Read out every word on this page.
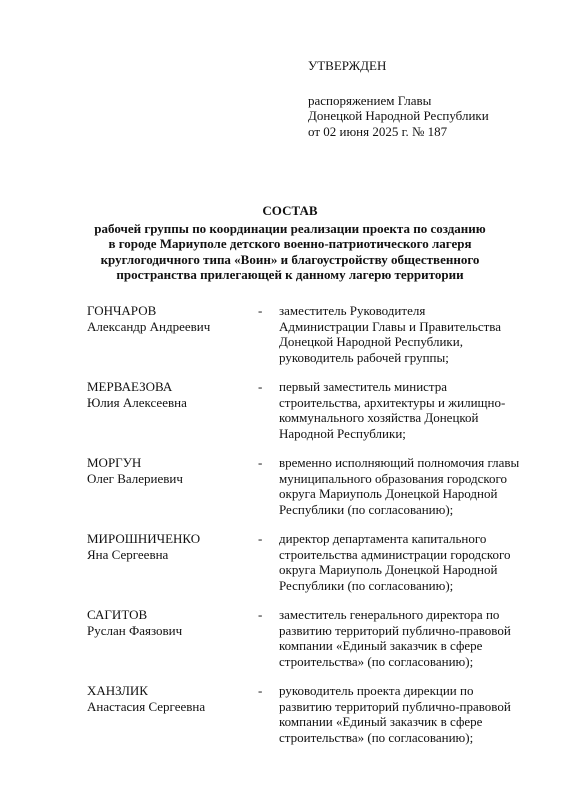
УТВЕРЖДЕН
распоряжением Главы
Донецкой Народной Республики
от 02 июня 2025 г. № 187
СОСТАВ
рабочей группы по координации реализации проекта по созданию
в городе Мариуполе детского военно-патриотического лагеря
круглогодичного типа «Воин» и благоустройству общественного
пространства прилегающей к данному лагерю территории
ГОНЧАРОВ
Александр Андреевич
- заместитель Руководителя
Администрации Главы и Правительства
Донецкой Народной Республики,
руководитель рабочей группы;
МЕРВАЕЗОВА
Юлия Алексеевна
- первый заместитель министра
строительства, архитектуры и жилищно-
коммунального хозяйства Донецкой
Народной Республики;
МОРГУН
Олег Валериевич
- временно исполняющий полномочия главы
муниципального образования городского
округа Мариуполь Донецкой Народной
Республики (по согласованию);
МИРОШНИЧЕНКО
Яна Сергеевна
- директор департамента капитального
строительства администрации городского
округа Мариуполь Донецкой Народной
Республики (по согласованию);
САГИТОВ
Руслан Фаязович
- заместитель генерального директора по
развитию территорий публично-правовой
компании «Единый заказчик в сфере
строительства» (по согласованию);
ХАНЗЛИК
Анастасия Сергеевна
- руководитель проекта дирекции по
развитию территорий публично-правовой
компании «Единый заказчик в сфере
строительства» (по согласованию);
